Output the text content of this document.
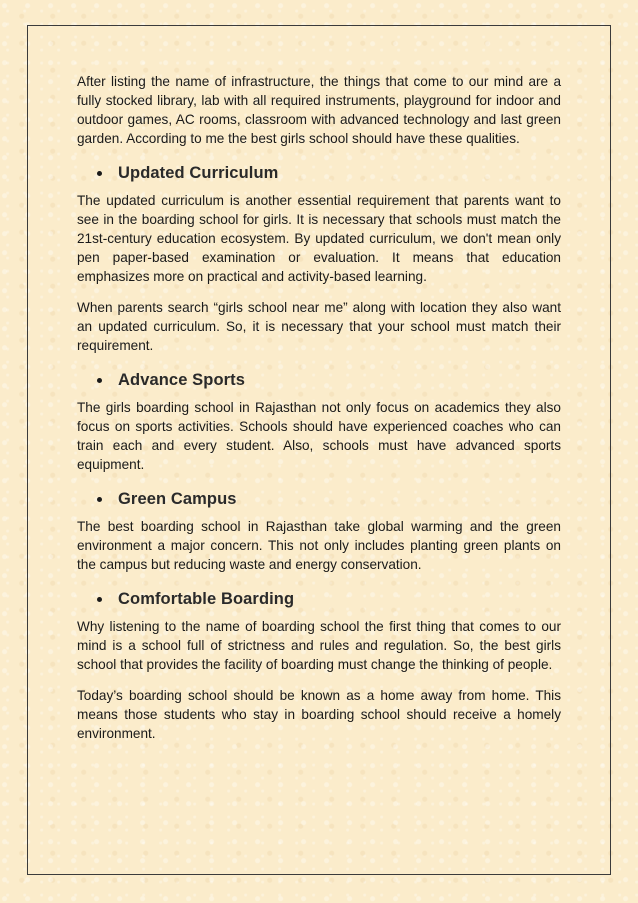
After listing the name of infrastructure, the things that come to our mind are a fully stocked library, lab with all required instruments, playground for indoor and outdoor games, AC rooms, classroom with advanced technology and last green garden. According to me the best girls school should have these qualities.

Updated Curriculum

The updated curriculum is another essential requirement that parents want to see in the boarding school for girls. It is necessary that schools must match the 21st-century education ecosystem. By updated curriculum, we don't mean only pen paper-based examination or evaluation. It means that education emphasizes more on practical and activity-based learning.

When parents search “girls school near me” along with location they also want an updated curriculum. So, it is necessary that your school must match their requirement.

Advance Sports

The girls boarding school in Rajasthan not only focus on academics they also focus on sports activities. Schools should have experienced coaches who can train each and every student. Also, schools must have advanced sports equipment.

Green Campus

The best boarding school in Rajasthan take global warming and the green environment a major concern. This not only includes planting green plants on the campus but reducing waste and energy conservation.

Comfortable Boarding

Why listening to the name of boarding school the first thing that comes to our mind is a school full of strictness and rules and regulation. So, the best girls school that provides the facility of boarding must change the thinking of people.

Today’s boarding school should be known as a home away from home. This means those students who stay in boarding school should receive a homely environment.
